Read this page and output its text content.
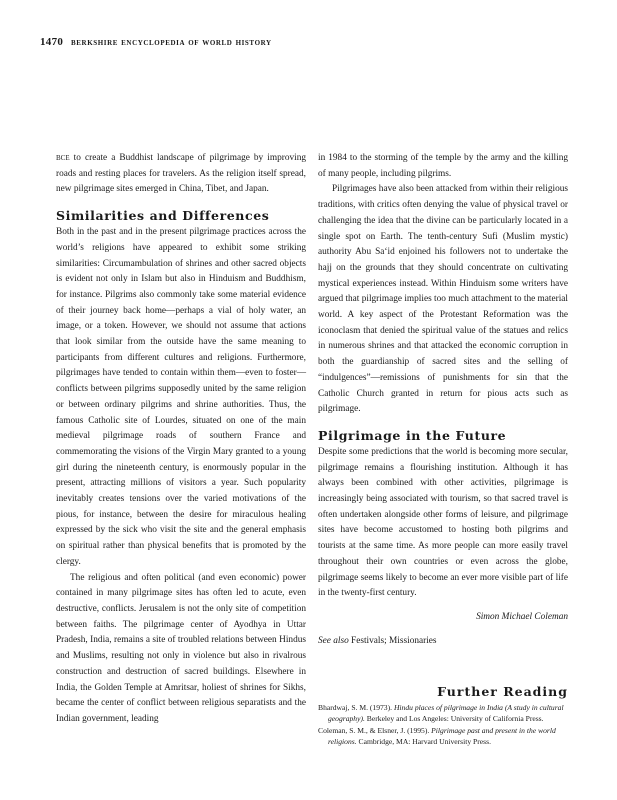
1470 berkshire encyclopedia of world history

bce to create a Buddhist landscape of pilgrimage by improving roads and resting places for travelers. As the religion itself spread, new pilgrimage sites emerged in China, Tibet, and Japan.

Similarities and Differences

Both in the past and in the present pilgrimage practices across the world’s religions have appeared to exhibit some striking similarities: Circumambulation of shrines and other sacred objects is evident not only in Islam but also in Hinduism and Buddhism, for instance. Pilgrims also commonly take some material evidence of their journey back home—perhaps a vial of holy water, an image, or a token. However, we should not assume that actions that look similar from the outside have the same meaning to participants from different cultures and religions. Furthermore, pilgrimages have tended to contain within them—even to foster—conflicts between pilgrims supposedly united by the same religion or between ordinary pilgrims and shrine authorities. Thus, the famous Catholic site of Lourdes, situated on one of the main medieval pilgrimage roads of southern France and commemorating the visions of the Virgin Mary granted to a young girl during the nineteenth century, is enormously popular in the present, attracting millions of visitors a year. Such popularity inevitably creates tensions over the varied motivations of the pious, for instance, between the desire for miraculous healing expressed by the sick who visit the site and the general emphasis on spiritual rather than physical benefits that is promoted by the clergy.

The religious and often political (and even economic) power contained in many pilgrimage sites has often led to acute, even destructive, conflicts. Jerusalem is not the only site of competition between faiths. The pilgrimage center of Ayodhya in Uttar Pradesh, India, remains a site of troubled relations between Hindus and Muslims, resulting not only in violence but also in rivalrous construction and destruction of sacred buildings. Elsewhere in India, the Golden Temple at Amritsar, holiest of shrines for Sikhs, became the center of conflict between religious separatists and the Indian government, leading

in 1984 to the storming of the temple by the army and the killing of many people, including pilgrims.

Pilgrimages have also been attacked from within their religious traditions, with critics often denying the value of physical travel or challenging the idea that the divine can be particularly located in a single spot on Earth. The tenth-century Sufi (Muslim mystic) authority Abu Sa‘id enjoined his followers not to undertake the hajj on the grounds that they should concentrate on cultivating mystical experiences instead. Within Hinduism some writers have argued that pilgrimage implies too much attachment to the material world. A key aspect of the Protestant Reformation was the iconoclasm that denied the spiritual value of the statues and relics in numerous shrines and that attacked the economic corruption in both the guardianship of sacred sites and the selling of “indulgences”—remissions of punishments for sin that the Catholic Church granted in return for pious acts such as pilgrimage.

Pilgrimage in the Future

Despite some predictions that the world is becoming more secular, pilgrimage remains a flourishing institution. Although it has always been combined with other activities, pilgrimage is increasingly being associated with tourism, so that sacred travel is often undertaken alongside other forms of leisure, and pilgrimage sites have become accustomed to hosting both pilgrims and tourists at the same time. As more people can more easily travel throughout their own countries or even across the globe, pilgrimage seems likely to become an ever more visible part of life in the twenty-first century.

Simon Michael Coleman
See also Festivals; Missionaries
Further Reading

Bhardwaj, S. M. (1973). Hindu places of pilgrimage in India (A study in cultural geography). Berkeley and Los Angeles: University of California Press.

Coleman, S. M., & Elsner, J. (1995). Pilgrimage past and present in the world religions. Cambridge, MA: Harvard University Press.
